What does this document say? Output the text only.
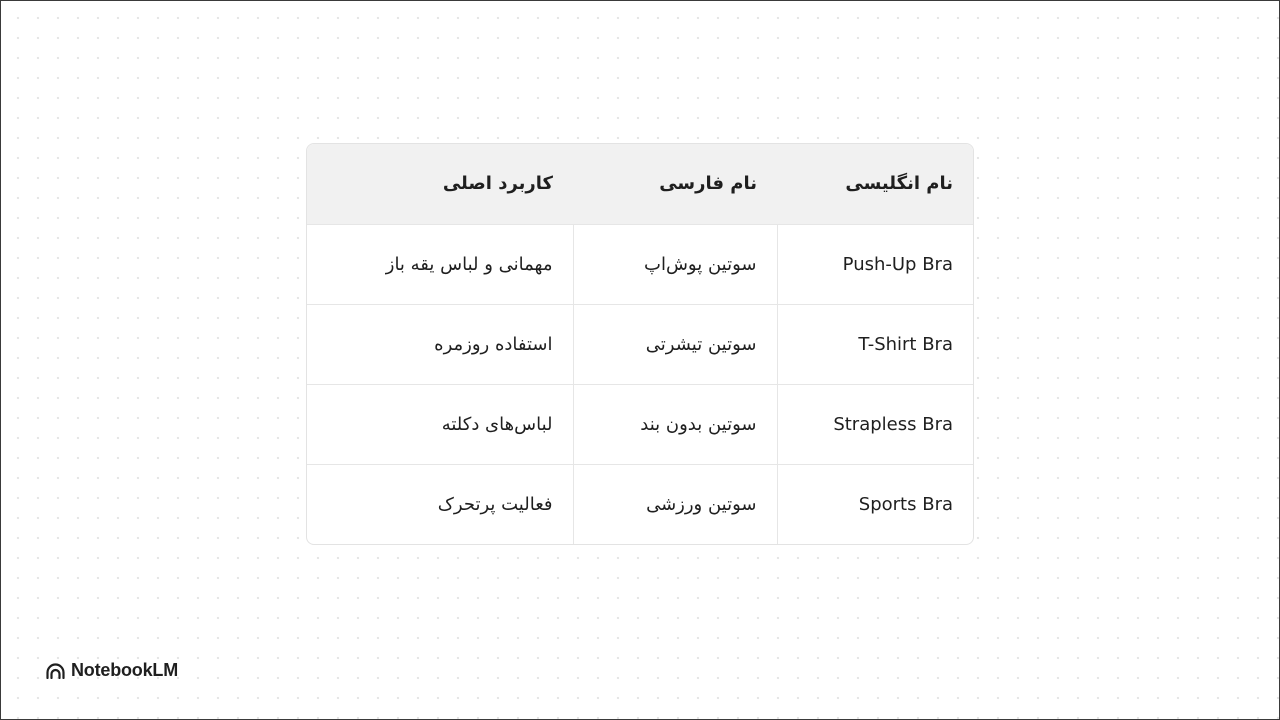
نام انگلیسی	نام فارسی	کاربرد اصلی
Push-Up Bra	سوتین پوش‌اپ	مهمانی و لباس یقه باز
T-Shirt Bra	سوتین تیشرتی	استفاده روزمره
Strapless Bra	سوتین بدون بند	لباس‌های دکلته
Sports Bra	سوتین ورزشی	فعالیت پرتحرک
NotebookLM
